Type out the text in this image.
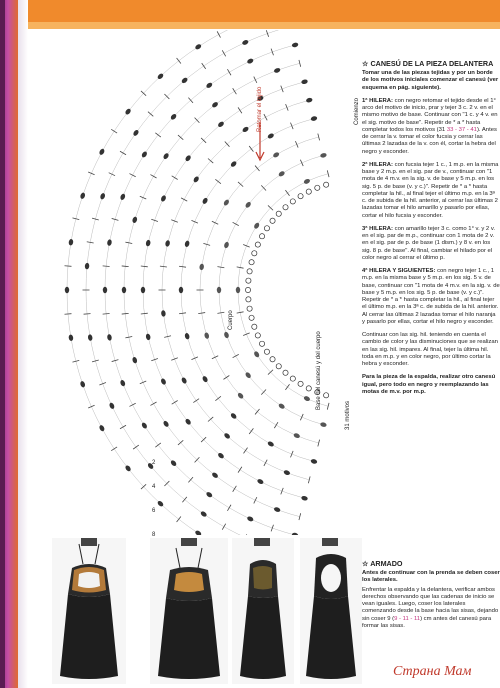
Comienzo
Retomar el tejido
Cuerpo
Base del canesú y del cuerpo
31 motivos
8
6
4
2
☆ CANESÚ DE LA PIEZA DELANTERA

Tomar una de las piezas tejidas y por un borde de los motivos iniciales comenzar el canesú (ver esquema en pág. siguiente).

1ª HILERA: con negro retomar el tejido desde el 1° arco del motivo de inicio, prar y tejer 3 c. 2 v. en el mismo motivo de base. Continuar con "1 c. y 4 v. en el sig. motivo de base". Repetir de * a * hasta completar todos los motivos (31 33 - 37 - 41). Antes de cerrar la v. tomar el color fucsia y cerrar las últimas 2 lazadas de la v. con él, cortar la hebra del negro y esconder.

2ª HILERA: con fucsia tejer 1 c., 1 m.p. en la misma base y 2 m.p. en el sig. par de v., continuar con "1 mota de 4 m.v. en la sig. v. de base y 5 m.p. en los sig. 5 p. de base (v. y c.)". Repetir de * a * hasta completar la hil., al final tejer el último m.p. en la 3ª c. de subida de la hil. anterior, al cerrar las últimas 2 lazadas tomar el hilo amarillo y pasarlo por ellas, cortar el hilo fucsia y esconder.

3ª HILERA: con amarillo tejer 3 c. como 1° v. y 2 v. en el sig. par de m.p., continuar con 1 mota de 2 v. en el sig. par de p. de base (1 dism.) y 8 v. en los sig. 8 p. de base". Al final, cambiar el hilado por el color negro al cerrar el último p.

4ª HILERA Y SIGUIENTES: con negro tejer 1 c., 1 m.p. en la misma base y 5 m.p. en los sig. 5 v. de base, continuar con "1 mota de 4 m.v. en la sig. v. de base y 5 m.p. en los sig. 5 p. de base (v. y c.)". Repetir de * a * hasta completar la hil., al final tejer el último m.p. en la 3ª c. de subida de la hil. anterior. Al cerrar las últimas 2 lazadas tomar el hilo naranja y pasarlo por ellas, cortar el hilo negro y esconder.

Continuar con las sig. hil. teniendo en cuenta el cambio de color y las disminuciones que se realizan en las sig. hil. impares. Al final, tejer la última hil. toda en m.p. y en color negro, por último cortar la hebra y esconder.

Para la pieza de la espalda, realizar otro canesú igual, pero todo en negro y reemplazando las motas de m.v. por m.p.

☆ ARMADO

Antes de continuar con la prenda se deben coser los laterales.

Enfrentar la espalda y la delantera, verificar ambos derechos observando que las cadenas de inicio se vean iguales. Luego, coser los laterales comenzando desde la base hacia las sisas, dejando sin coser 9 (9 - 11 - 11) cm antes del canesú para formar las sisas.

Страна Мам
